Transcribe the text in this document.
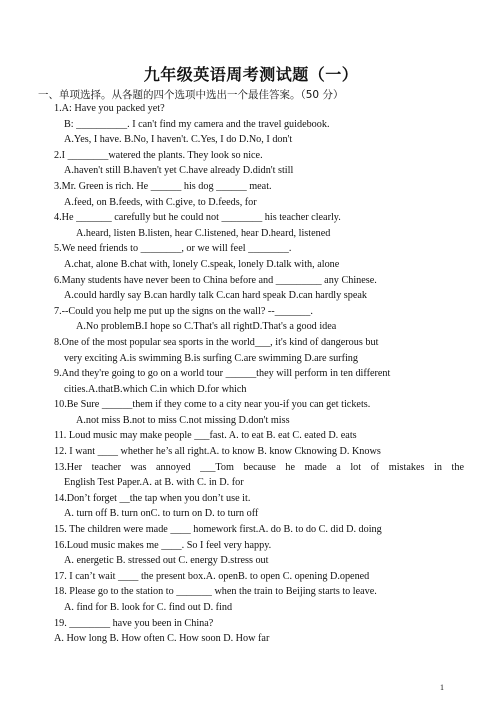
九年级英语周考测试题（一）
一、单项选择。从各题的四个选项中选出一个最佳答案。（50 分）
1.A: Have you packed yet?
B: __________. I can't find my camera and the travel guidebook.
A.Yes, I have. B.No, I haven't. C.Yes, I do D.No, I don't
2.I ________watered the plants. They look so nice.
A.haven't still B.haven't yet C.have already D.didn't still
3.Mr. Green is rich. He ______ his dog ______ meat.
A.feed, on B.feeds, with C.give, to D.feeds, for
4.He _______ carefully but he could not ________ his teacher clearly.
A.heard, listen B.listen, hear C.listened, hear D.heard, listened
5.We need friends to ________, or we will feel ________.
A.chat, alone B.chat with, lonely C.speak, lonely D.talk with, alone
6.Many students have never been to China before and _________ any Chinese.
A.could hardly say B.can hardly talk C.can hard speak D.can hardly speak
7.--Could you help me put up the signs on the wall? --_______.
A.No problemB.I hope so C.That's all rightD.That's a good idea
8.One of the most popular sea sports in the world___, it's kind of dangerous but
very exciting A.is swimming B.is surfing C.are swimming D.are surfing
9.And they're going to go on a world tour ______they will perform in ten different
cities.A.thatB.which C.in which D.for which
10.Be Sure ______them if they come to a city near you-if you can get tickets.
A.not miss B.not to miss C.not missing D.don't miss
11. Loud music may make people ___fast. A. to eat B. eat C. eated D. eats
12. I want ____ whether he’s all right.A. to know B. know Cknowing D. Knows
13.Her teacher was annoyed ___Tom because he made a lot of mistakes in the
English Test Paper.A. at B. with C. in D. for
14.Don’t forget __the tap when you don’t use it.
A. turn off B. turn onC. to turn on D. to turn off
15. The children were made ____ homework first.A. do B. to do C. did D. doing
16.Loud music makes me ____. So I feel very happy.
A. energetic B. stressed out C. energy D.stress out
17. I can’t wait ____ the present box.A. openB. to open C. opening D.opened
18. Please go to the station to _______ when the train to Beijing starts to leave.
A. find for B. look for C. find out D. find
19. ________ have you been in China?
A. How long B. How often C. How soon D. How far
1
